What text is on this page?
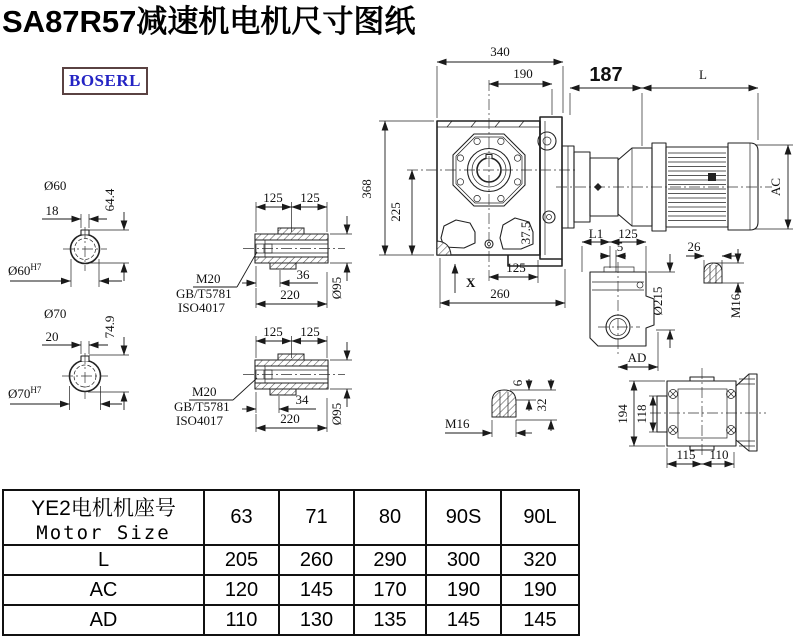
Ø60
18	64.4
$Ø60^{H7}$
Ø70
20	74.9
$Ø70^{H7}$
125 125
36
220 Ø95
M20
GB/T5781
ISO4017
125 125
34
220 Ø95
M20
GB/T5781
ISO4017
37.5
X
340
190
368
225
125
260
187	L
AC
L1 125
5
Ø215
AD
26
M16
M16
6
32	194 118
115 110
SA87R57减速机电机尺寸图纸
BOSERL
YE2电机机座号
Motor Size	63	71	80	90S	90L
L	205	260	290	300	320
AC	120	145	170	190	190
AD	110	130	135	145	145
